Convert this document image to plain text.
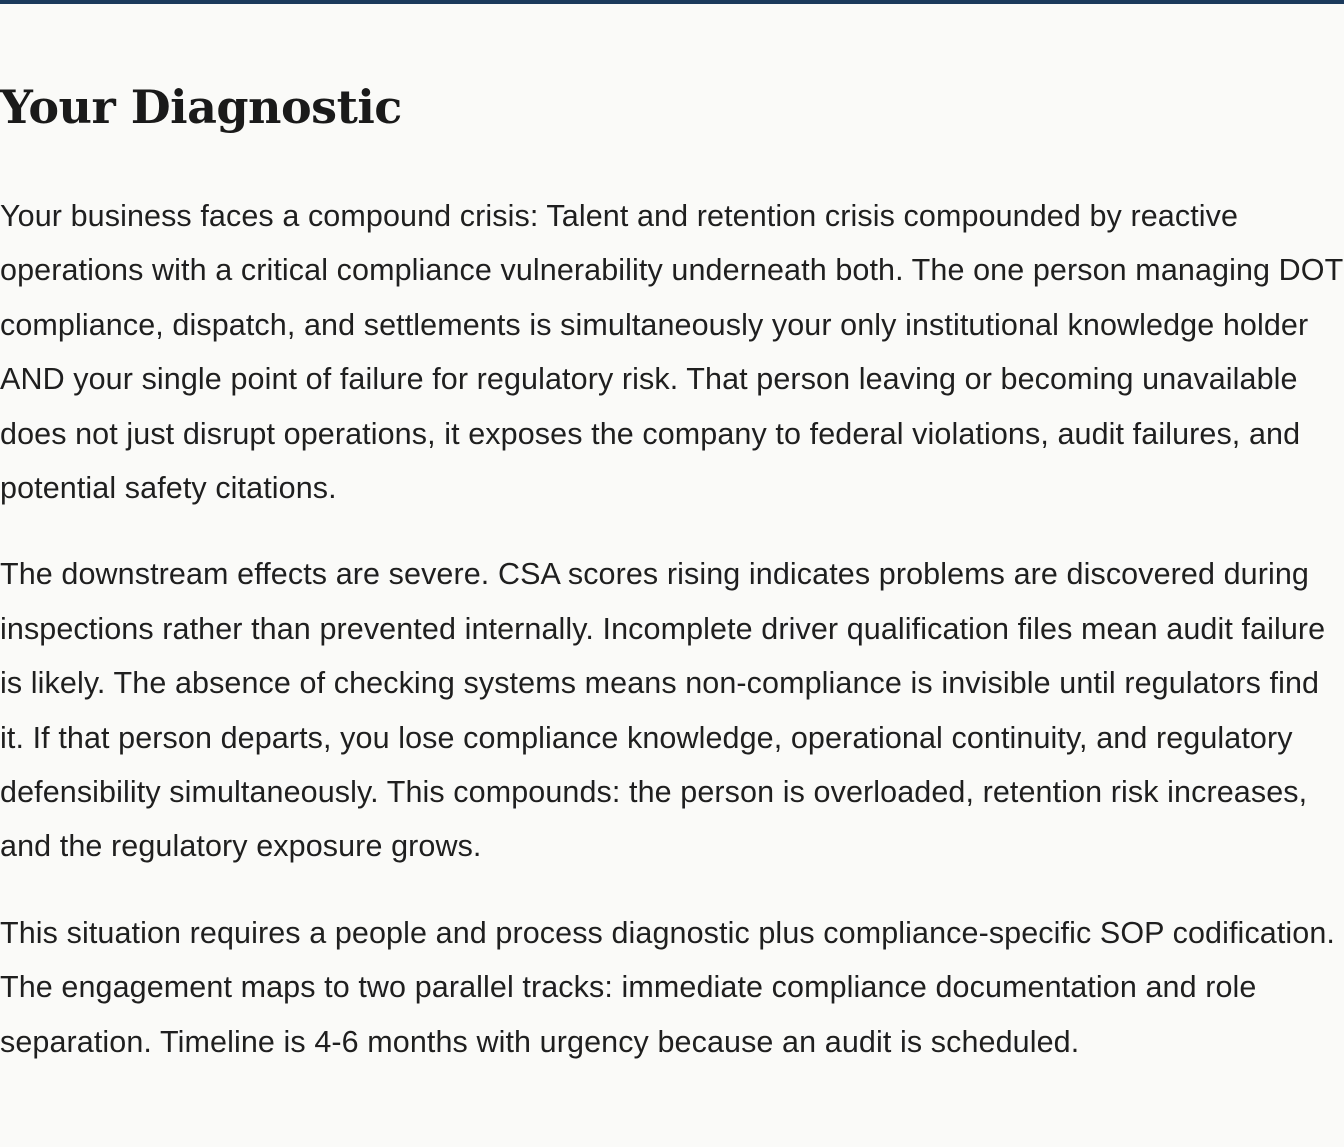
Your Diagnostic

Your business faces a compound crisis: Talent and retention crisis compounded by reactive operations with a critical compliance vulnerability underneath both. The one person managing DOT compliance, dispatch, and settlements is simultaneously your only institutional knowledge holder AND your single point of failure for regulatory risk. That person leaving or becoming unavailable does not just disrupt operations, it exposes the company to federal violations, audit failures, and potential safety citations.

The downstream effects are severe. CSA scores rising indicates problems are discovered during inspections rather than prevented internally. Incomplete driver qualification files mean audit failure is likely. The absence of checking systems means non-compliance is invisible until regulators find it. If that person departs, you lose compliance knowledge, operational continuity, and regulatory defensibility simultaneously. This compounds: the person is overloaded, retention risk increases, and the regulatory exposure grows.

This situation requires a people and process diagnostic plus compliance-specific SOP codification. The engagement maps to two parallel tracks: immediate compliance documentation and role separation. Timeline is 4-6 months with urgency because an audit is scheduled.
